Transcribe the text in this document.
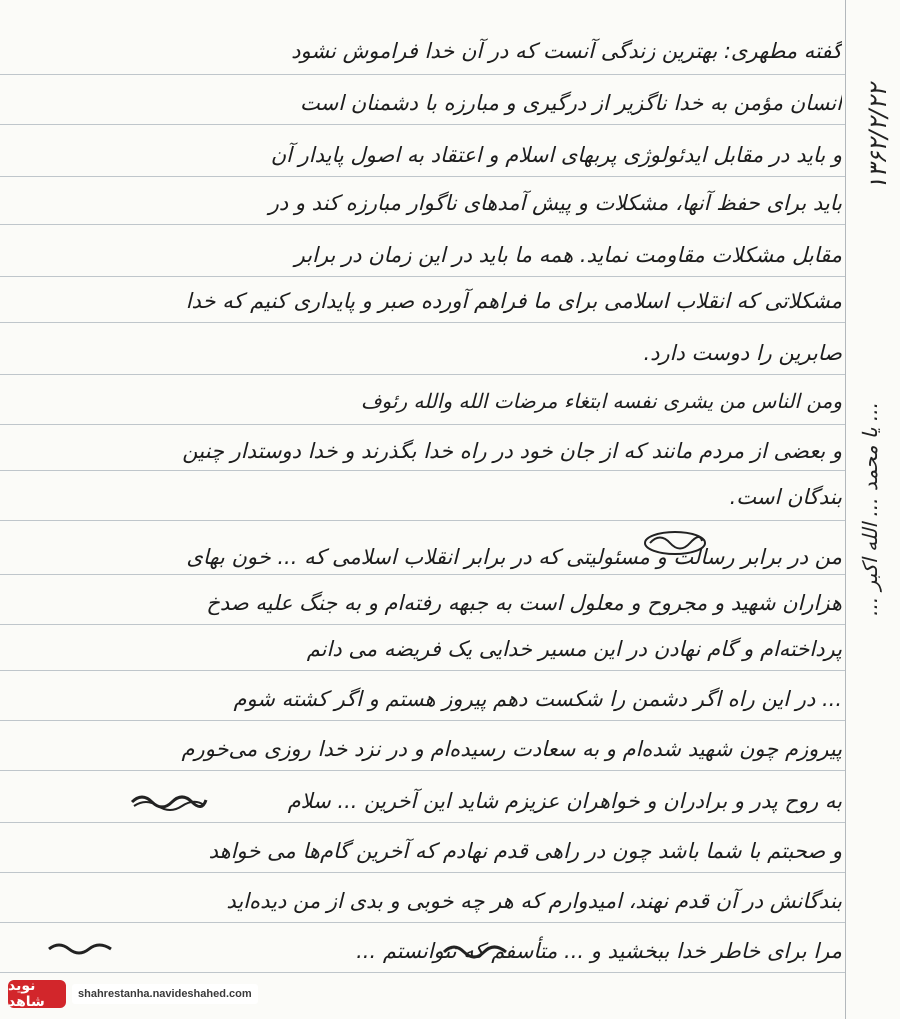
گفته مطهری: بهترین زندگی آنست که در آن خدا فراموش نشود
انسان مؤمن به خدا ناگزیر از درگیری و مبارزه با دشمنان است
و باید در مقابل ایدئولوژی پربهای اسلام و اعتقاد به اصول پایدار آن
باید برای حفظ آنها، مشکلات و پیش آمدهای ناگوار مبارزه کند و در
مقابل مشکلات مقاومت نماید. همه ما باید در این زمان در برابر
مشکلاتی که انقلاب اسلامی برای ما فراهم آورده صبر و پایداری کنیم که خدا
صابرین را دوست دارد.
ومن الناس من یشری نفسه ابتغاء مرضات الله والله رئوف
و بعضی از مردم مانند که از جان خود در راه خدا بگذرند و خدا دوستدار چنین
بندگان است.
من در برابر رسالت و مسئولیتی که در برابر انقلاب اسلامی که ... خون بهای
هزاران شهید و مجروح و معلول است به جبهه رفته‌ام و به جنگ علیه صدخ
پرداخته‌ام و گام نهادن در این مسیر خدایی یک فریضه می دانم
... در این راه اگر دشمن را شکست دهم پیروز هستم و اگر کشته شوم
پیروزم چون شهید شده‌ام و به سعادت رسیده‌ام و در نزد خدا روزی می‌خورم
به روح پدر و برادران و خواهران عزیزم شاید این آخرین ... سلام
و صحبتم با شما باشد چون در راهی قدم نهادم که آخرین گام‌ها می خواهد
بندگانش در آن قدم نهند، امیدوارم که هر چه خوبی و بدی از من دیده‌اید
مرا برای خاطر خدا ببخشید و ... متأسفم که نتوانستم ...
۱۳۶۲/۲/۲۲
... یا محمد ... الله اکبر ...
نوید شاهد	shahrestanha.navideshahed.com
